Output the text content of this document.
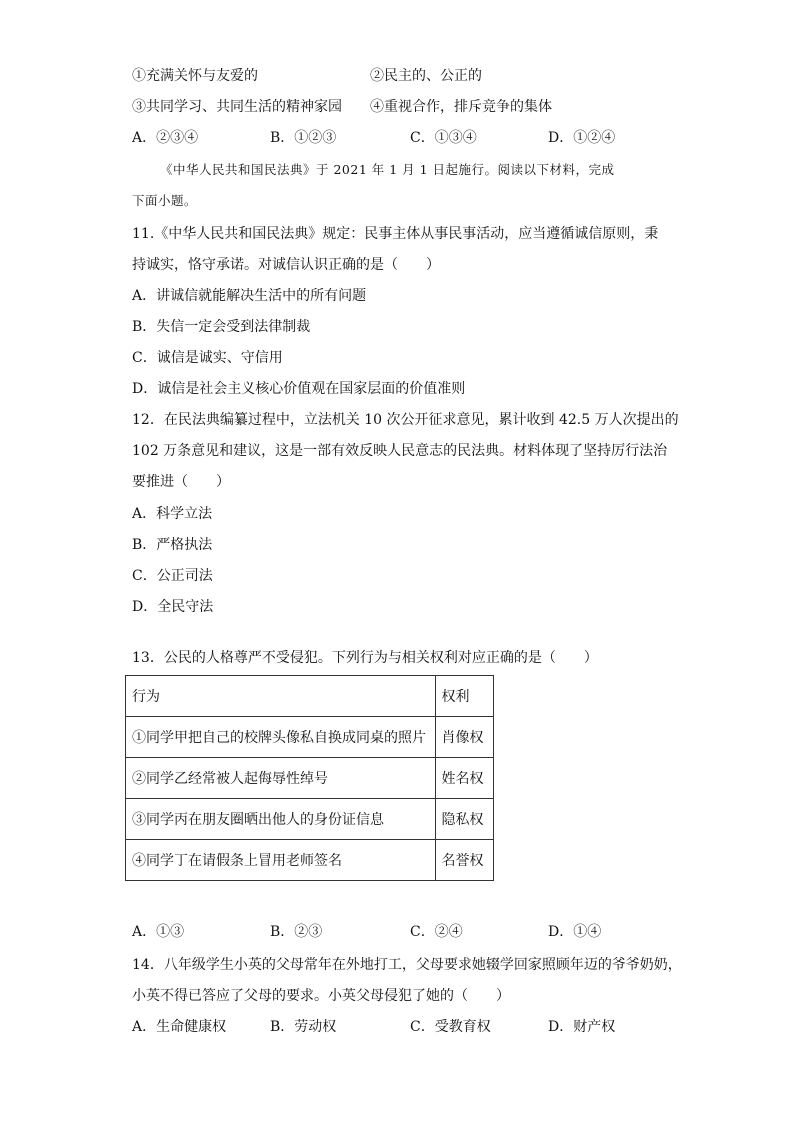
①充满关怀与友爱的	②民主的、公正的
③共同学习、共同生活的精神家园 ④重视合作，排斥竞争的集体
A．②③④	B．①②③	C．①③④	D．①②④
《中华人民共和国民法典》于 2021 年 1 月 1 日起施行。阅读以下材料，完成
下面小题。
11.《中华人民共和国民法典》规定：民事主体从事民事活动，应当遵循诚信原则，秉
持诚实，恪守承诺。对诚信认识正确的是（　　）
A．讲诚信就能解决生活中的所有问题
B．失信一定会受到法律制裁
C．诚信是诚实、守信用
D．诚信是社会主义核心价值观在国家层面的价值准则
12．在民法典编纂过程中，立法机关 10 次公开征求意见，累计收到 42.5 万人次提出的
102 万条意见和建议，这是一部有效反映人民意志的民法典。材料体现了坚持厉行法治
要推进（　　）
A．科学立法
B．严格执法
C．公正司法
D．全民守法
13．公民的人格尊严不受侵犯。下列行为与相关权利对应正确的是（　　）
行为	权利
①同学甲把自己的校牌头像私自换成同桌的照片	肖像权
②同学乙经常被人起侮辱性绰号	姓名权
③同学丙在朋友圈晒出他人的身份证信息	隐私权
④同学丁在请假条上冒用老师签名	名誉权
A．①③	B．②③	C．②④	D．①④
14．八年级学生小英的父母常年在外地打工，父母要求她辍学回家照顾年迈的爷爷奶奶，
小英不得已答应了父母的要求。小英父母侵犯了她的（　　）
A．生命健康权	B．劳动权	C．受教育权	D．财产权
